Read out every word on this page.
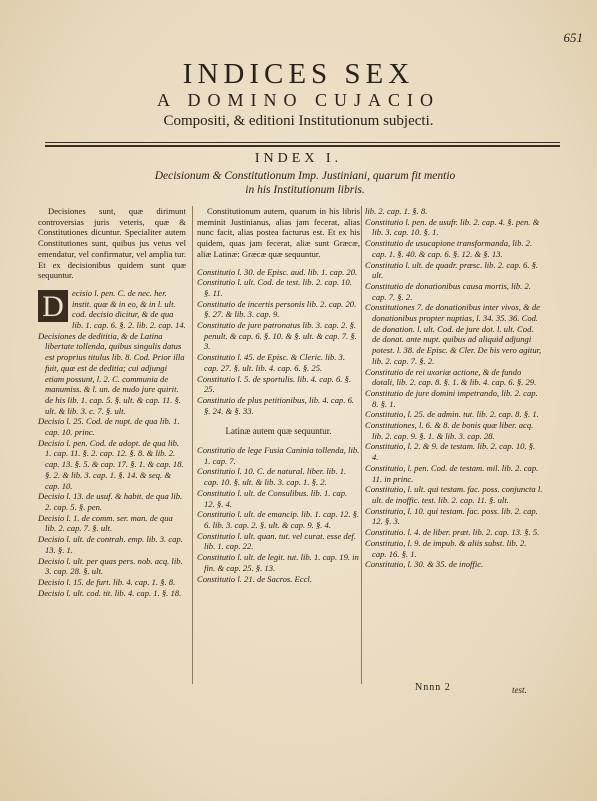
651
INDICES SEX
A DOMINO CUJACIO
Compositi, & editioni Institutionum subjecti.
INDEX I.
Decisionum & Constitutionum Imp. Justiniani, quarum fit mentio in his Institutionum libris.

Decisiones sunt, quæ dirimunt controversias juris veteris, quæ & Constitutiones dicuntur. Specialiter autem Constitutiones sunt, quibus jus vetus vel emendatur, vel confirmatur, vel amplia tur. Et ex decisionibus quidem sunt quæ sequuntur.

D ecisio l. pen. C. de nec. her. instit. quæ & in eo, & in l. ult. cod. decisio dicitur, & de qua lib. 1. cap. 6. §. 2. lib. 2. cap. 14.
Decisiones de dedititia, & de Latina libertate tollenda, quibus singulis datus est proprius titulus lib. 8. Cod. Prior illa fuit, quæ est de deditia; cui adjungi etiam possunt, l. 2. C. communia de manumiss. & l. un. de nudo jure quirit. de his lib. 1. cap. 5. §. ult. & cap. 11. §. ult. & lib. 3. c. 7. §. ult.
Decisio l. 25. Cod. de nupt. de qua lib. 1. cap. 10. princ.
Decisio l. pen. Cod. de adopt. de qua lib. 1. cap. 11. §. 2. cap. 12. §. 8. & lib. 2. cap. 13. §. 5. & cap. 17. §. 1. & cap. 18. §. 2. & lib. 3. cap. 1. §. 14. & seq. & cap. 10.
Decisio l. 13. de usuf. & habit. de qua lib. 2. cap. 5. §. pen.
Decisio l. 1. de comm. ser. man. de qua lib. 2. cap. 7. §. ult.
Decisio l. ult. de contrah. emp. lib. 3. cap. 13. §. 1.
Decisio l. ult. per quas pers. nob. acq. lib. 3. cap. 28. §. ult.
Decisio l. 15. de furt. lib. 4. cap. 1. §. 8.
Decisio l. ult. cod. tit. lib. 4. cap. 1. §. 18.

Constitutionum autem, quarum in his libris meminit Justinianus, alias jam fecerat, alias nunc facit, alias postea facturus est. Et ex his quidem, quas jam fecerat, aliæ sunt Græcæ, aliæ Latinæ: Græcæ quæ sequuntur.

Constitutio l. 30. de Episc. aud. lib. 1. cap. 20.
Constitutio l. ult. Cod. de test. lib. 2. cap. 10. §. 11.
Constitutio de incertis personis lib. 2. cap. 20. §. 27. & lib. 3. cap. 9.
Constitutio de jure patronatus lib. 3. cap. 2. §. penult. & cap. 6. §. 10. & §. ult. & cap. 7. §. 3.
Constitutio l. 45. de Episc. & Cleric. lib. 3. cap. 27. §. ult. lib. 4. cap. 6. §. 25.
Constitutio l. 5. de sportulis. lib. 4. cap. 6. §. 25.
Constitutio de plus petitionibus, lib. 4. cap. 6. §. 24. & §. 33.
Latinæ autem quæ sequuntur.
Constitutio de lege Fusia Caninia tollenda, lib. 1. cap. 7.
Constitutio l. 10. C. de natural. liber. lib. 1. cap. 10. §. ult. & lib. 3. cap. 1. §. 2.
Constitutio l. ult. de Consulibus. lib. 1. cap. 12. §. 4.
Constitutio l. ult. de emancip. lib. 1. cap. 12. §. 6. lib. 3. cap. 2. §. ult. & cap. 9. §. 4.
Constitutio l. ult. quan. tut. vel curat. esse def. lib. 1. cap. 22.
Constitutio l. ult. de legit. tut. lib. 1. cap. 19. in fin. & cap. 25. §. 13.
Constitutio l. 21. de Sacros. Eccl.
lib. 2. cap. 1. §. 8.
Constitutio l. pen. de usufr. lib. 2. cap. 4. §. pen. & lib. 3. cap. 10. §. 1.
Constitutio de usucapione transformanda, lib. 2. cap. 1. §. 40. & cap. 6. §. 12. & §. 13.
Constitutio l. ult. de quadr. præsc. lib. 2. cap. 6. §. ult.
Constitutio de donationibus causa mortis, lib. 2. cap. 7. §. 2.
Constitutiones 7. de donationibus inter vivos, & de donationibus propter nuptias, l. 34. 35. 36. Cod. de donation. l. ult. Cod. de jure dot. l. ult. Cod. de donat. ante nupt. quibus ad aliquid adjungi potest. l. 38. de Episc. & Cler. De his vero agitur, lib. 2. cap. 7. §. 2.
Constitutio de rei uxoriæ actione, & de fundo dotali, lib. 2. cap. 8. §. 1. & lib. 4. cap. 6. §. 29.
Constitutio de jure domini impetrando, lib. 2. cap. 8. §. 1.
Constitutio, l. 25. de admin. tut. lib. 2. cap. 8. §. 1.
Constitutiones, l. 6. & 8. de bonis quæ liber. acq. lib. 2. cap. 9. §. 1. & lib. 3. cap. 28.
Constitutio, l. 2. & 9. de testam. lib. 2. cap. 10. §. 4.
Constitutio, l. pen. Cod. de testam. mil. lib. 2. cap. 11. in princ.
Constitutio, l. ult. qui testam. fac. poss. conjuncta l. ult. de inoffic. test. lib. 2. cap. 11. §. ult.
Constitutio, l. 10. qui testam. fac. poss. lib. 2. cap. 12. §. 3.
Constitutio. l. 4. de liber. præt. lib. 2. cap. 13. §. 5.
Constitutio, l. 9. de impub. & aliis subst. lib. 2. cap. 16. §. 1.
Constitutio, l. 30. & 35. de inoffic.
Nnnn 2	test.
